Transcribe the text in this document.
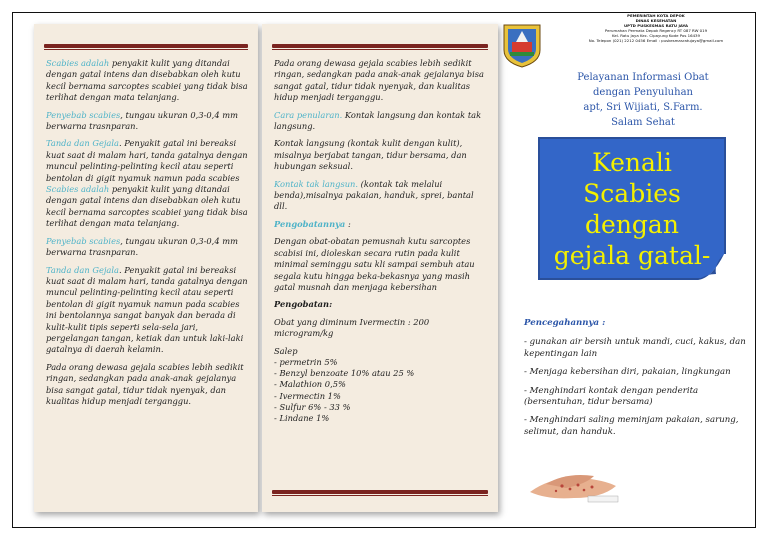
Scabies adalah penyakit kulit yang ditandai dengan gatal intens dan disebabkan oleh kutu kecil bernama sarcoptes scabiei yang tidak bisa terlihat dengan mata telanjang.

Penyebab scabies, tungau ukuran 0,3-0,4 mm berwarna trasnparan.

Tanda dan Gejala. Penyakit gatal ini bereaksi kuat saat di malam hari, tanda gatalnya dengan muncul pelinting-pelinting kecil atau seperti bentolan di gigit nyamuk namun pada scabies Scabies adalah penyakit kulit yang ditandai dengan gatal intens dan disebabkan oleh kutu kecil bernama sarcoptes scabiei yang tidak bisa terlihat dengan mata telanjang.

Penyebab scabies, tungau ukuran 0,3-0,4 mm berwarna trasnparan.

Tanda dan Gejala. Penyakit gatal ini bereaksi kuat saat di malam hari, tanda gatalnya dengan muncul pelinting-pelinting kecil atau seperti bentolan di gigit nyamuk namun pada scabies ini bentolannya sangat banyak dan berada di kulit-kulit tipis seperti sela-sela jari, pergelangan tangan, ketiak dan untuk laki-laki gatalnya di daerah kelamin.

Pada orang dewasa gejala scabies lebih sedikit ringan, sedangkan pada anak-anak gejalanya bisa sangat gatal, tidur tidak nyenyak, dan kualitas hidup menjadi terganggu.

Pada orang dewasa gejala scabies lebih sedikit ringan, sedangkan pada anak-anak gejalanya bisa sangat gatal, tidur tidak nyenyak, dan kualitas hidup menjadi terganggu.

Cara penularan. Kontak langsung dan kontak tak langsung.

Kontak langsung (kontak kulit dengan kulit), misalnya berjabat tangan, tidur bersama, dan hubungan seksual.

Kontak tak langsun. (kontak tak melalui benda),misalnya pakaian, handuk, sprei, bantal dll.

Pengobatannya :

Dengan obat-obatan pemusnah kutu sarcoptes scabisi ini, dioleskan secara rutin pada kulit minimal seminggu satu kli sampai sembuh atau segala kutu hingga beka-bekasnya yang masih gatal musnah dan menjaga kebersihan

Pengobatan:

Obat yang diminum Ivermectin : 200 microgram/kg

Salep

- permetrin 5%
- Benzyl benzoate 10% atau 25 %
- Malathion 0,5%
- Ivermectin 1%
- Sulfur 6% - 33 %
- Lindane 1%
PEMERINTAH KOTA DEPOK
DINAS KESEHATAN
UPTD PUSKESMAS RATU JAYA
Perumahan Permata Depok Regency RT 087 RW 019
Kel. Ratu Jaya Kec. Cipayung Kode Pos 16439
No. Telepon (021) 2212 0456 Email : puskesmasratujaya@gmail.com
Pelayanan Informasi Obat
dengan Penyuluhan
apt, Sri Wijiati, S.Farm.
Salam Sehat
Kenali
Scabies
dengan
gejala gatal-

Pencegahannya :

- gunakan air bersih untuk mandi, cuci, kakus, dan kepentingan lain

- Menjaga kebersihan diri, pakaian, lingkungan

- Menghindari kontak dengan penderita (bersentuhan, tidur bersama)

- Menghindari saling meminjam pakaian, sarung, selimut, dan handuk.
